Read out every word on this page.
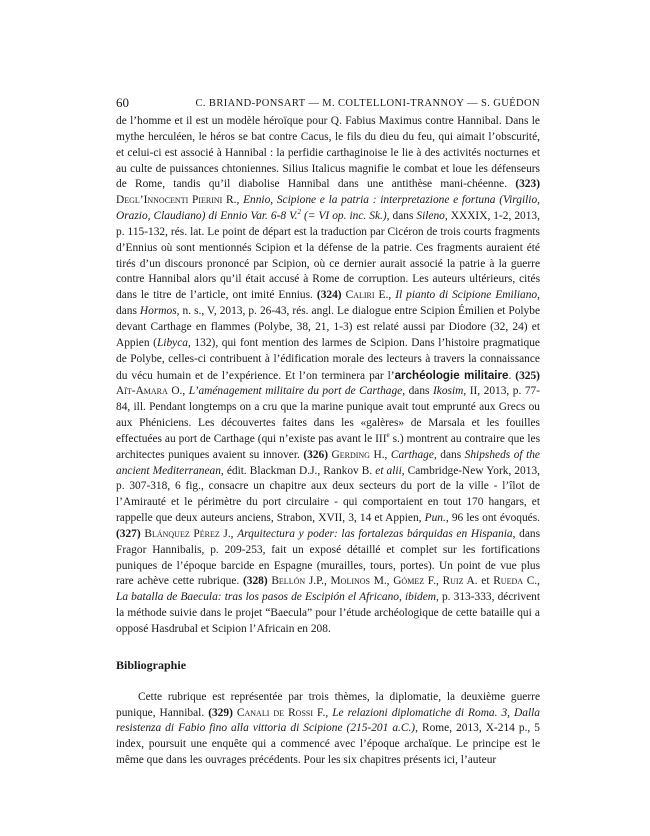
60	C. BRIAND-PONSART — M. COLTELLONI-TRANNOY — S. GUÉDON

de l’homme et il est un modèle héroïque pour Q. Fabius Maximus contre Hannibal. Dans le mythe herculéen, le héros se bat contre Cacus, le fils du dieu du feu, qui aimait l’obscurité, et celui-ci est associé à Hannibal : la perfidie carthaginoise le lie à des activités nocturnes et au culte de puissances chtoniennes. Silius Italicus magnifie le combat et loue les défenseurs de Rome, tandis qu’il diabolise Hannibal dans une antithèse mani-chéenne. (323) Degl’Innocenti Pierini R., Ennio, Scipione e la patria : interpretazione e fortuna (Virgilio, Orazio, Claudiano) di Ennio Var. 6-8 V.$^2$ (= VI op. inc. Sk.), dans Sileno, XXXIX, 1-2, 2013, p. 115-132, rés. lat. Le point de départ est la traduction par Cicéron de trois courts fragments d’Ennius où sont mentionnés Scipion et la défense de la patrie. Ces fragments auraient été tirés d’un discours prononcé par Scipion, où ce dernier aurait associé la patrie à la guerre contre Hannibal alors qu’il était accusé à Rome de corruption. Les auteurs ultérieurs, cités dans le titre de l’article, ont imité Ennius. (324) Caliri E., Il pianto di Scipione Emiliano, dans Hormos, n. s., V, 2013, p. 26-43, rés. angl. Le dialogue entre Scipion Émilien et Polybe devant Carthage en flammes (Polybe, 38, 21, 1-3) est relaté aussi par Diodore (32, 24) et Appien (Libyca, 132), qui font mention des larmes de Scipion. Dans l’histoire pragmatique de Polybe, celles-ci contribuent à l’édification morale des lecteurs à travers la connaissance du vécu humain et de l’expérience. Et l’on terminera par l’archéologie militaire. (325) Aït-Amara O., L’aménagement militaire du port de Carthage, dans Ikosim, II, 2013, p. 77-84, ill. Pendant longtemps on a cru que la marine punique avait tout emprunté aux Grecs ou aux Phéniciens. Les découvertes faites dans les «galères» de Marsala et les fouilles effectuées au port de Carthage (qui n’existe pas avant le IIIe s.) montrent au contraire que les architectes puniques avaient su innover. (326) Gerding H., Carthage, dans Shipsheds of the ancient Mediterranean, édit. Blackman D.J., Rankov B. et alii, Cambridge-New York, 2013, p. 307-318, 6 fig., consacre un chapitre aux deux secteurs du port de la ville - l’îlot de l’Amirauté et le périmètre du port circulaire - qui comportaient en tout 170 hangars, et rappelle que deux auteurs anciens, Strabon, XVII, 3, 14 et Appien, Pun., 96 les ont évoqués. (327) Blánquez Pérez J., Arquitectura y poder: las fortalezas bárquidas en Hispania, dans Fragor Hannibalis, p. 209-253, fait un exposé détaillé et complet sur les fortifications puniques de l’époque barcide en Espagne (murailles, tours, portes). Un point de vue plus rare achève cette rubrique. (328) Bellón J.P., Molinos M., Gómez F., Ruiz A. et Rueda C., La batalla de Baecula: tras los pasos de Escipión el Africano, ibidem, p. 313-333, décrivent la méthode suivie dans le projet “Baecula” pour l’étude archéologique de cette bataille qui a opposé Hasdrubal et Scipion l’Africain en 208.

Bibliographie

Cette rubrique est représentée par trois thèmes, la diplomatie, la deuxième guerre punique, Hannibal. (329) Canali de Rossi F., Le relazioni diplomatiche di Roma. 3, Dalla resistenza di Fabio fino alla vittoria di Scipione (215-201 a.C.), Rome, 2013, X-214 p., 5 index, poursuit une enquête qui a commencé avec l’époque archaïque. Le principe est le même que dans les ouvrages précédents. Pour les six chapitres présents ici, l’auteur
